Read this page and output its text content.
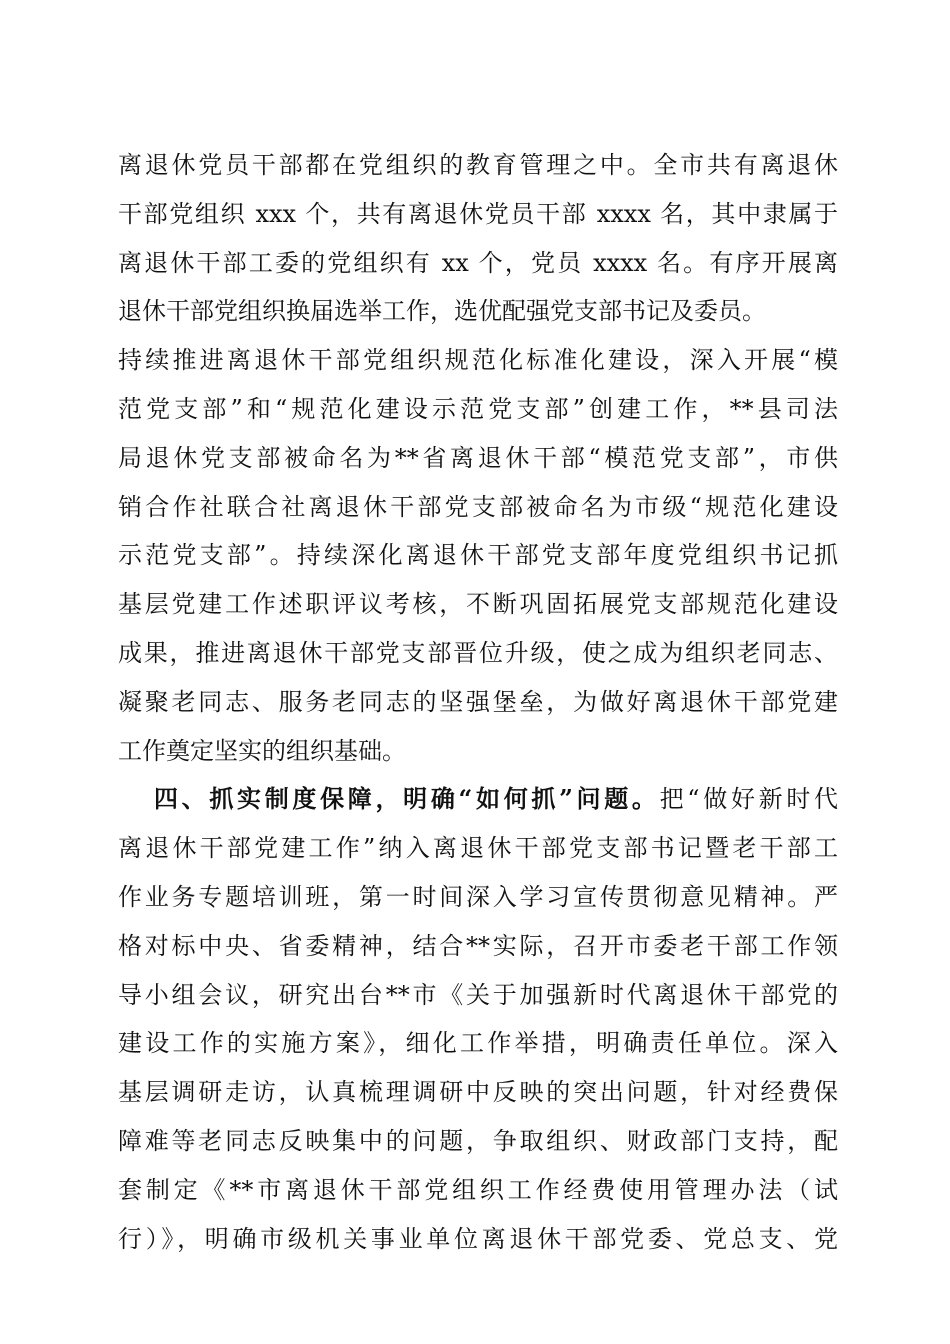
离退休党员干部都在党组织的教育管理之中。全市共有离退休
干部党组织 xxx 个，共有离退休党员干部 xxxx 名，其中隶属于
离退休干部工委的党组织有 xx 个，党员 xxxx 名。有序开展离
退休干部党组织换届选举工作，选优配强党支部书记及委员。
持续推进离退休干部党组织规范化标准化建设，深入开展“模
范党支部”和“规范化建设示范党支部”创建工作，**县司法
局退休党支部被命名为**省离退休干部“模范党支部”，市供
销合作社联合社离退休干部党支部被命名为市级“规范化建设
示范党支部”。持续深化离退休干部党支部年度党组织书记抓
基层党建工作述职评议考核，不断巩固拓展党支部规范化建设
成果，推进离退休干部党支部晋位升级，使之成为组织老同志、
凝聚老同志、服务老同志的坚强堡垒，为做好离退休干部党建
工作奠定坚实的组织基础。
四、抓实制度保障，明确“如何抓”问题。把“做好新时代
离退休干部党建工作”纳入离退休干部党支部书记暨老干部工
作业务专题培训班，第一时间深入学习宣传贯彻意见精神。严
格对标中央、省委精神，结合**实际，召开市委老干部工作领
导小组会议，研究出台**市《关于加强新时代离退休干部党的
建设工作的实施方案》，细化工作举措，明确责任单位。深入
基层调研走访，认真梳理调研中反映的突出问题，针对经费保
障难等老同志反映集中的问题，争取组织、财政部门支持，配
套制定《**市离退休干部党组织工作经费使用管理办法（试
行）》，明确市级机关事业单位离退休干部党委、党总支、党
